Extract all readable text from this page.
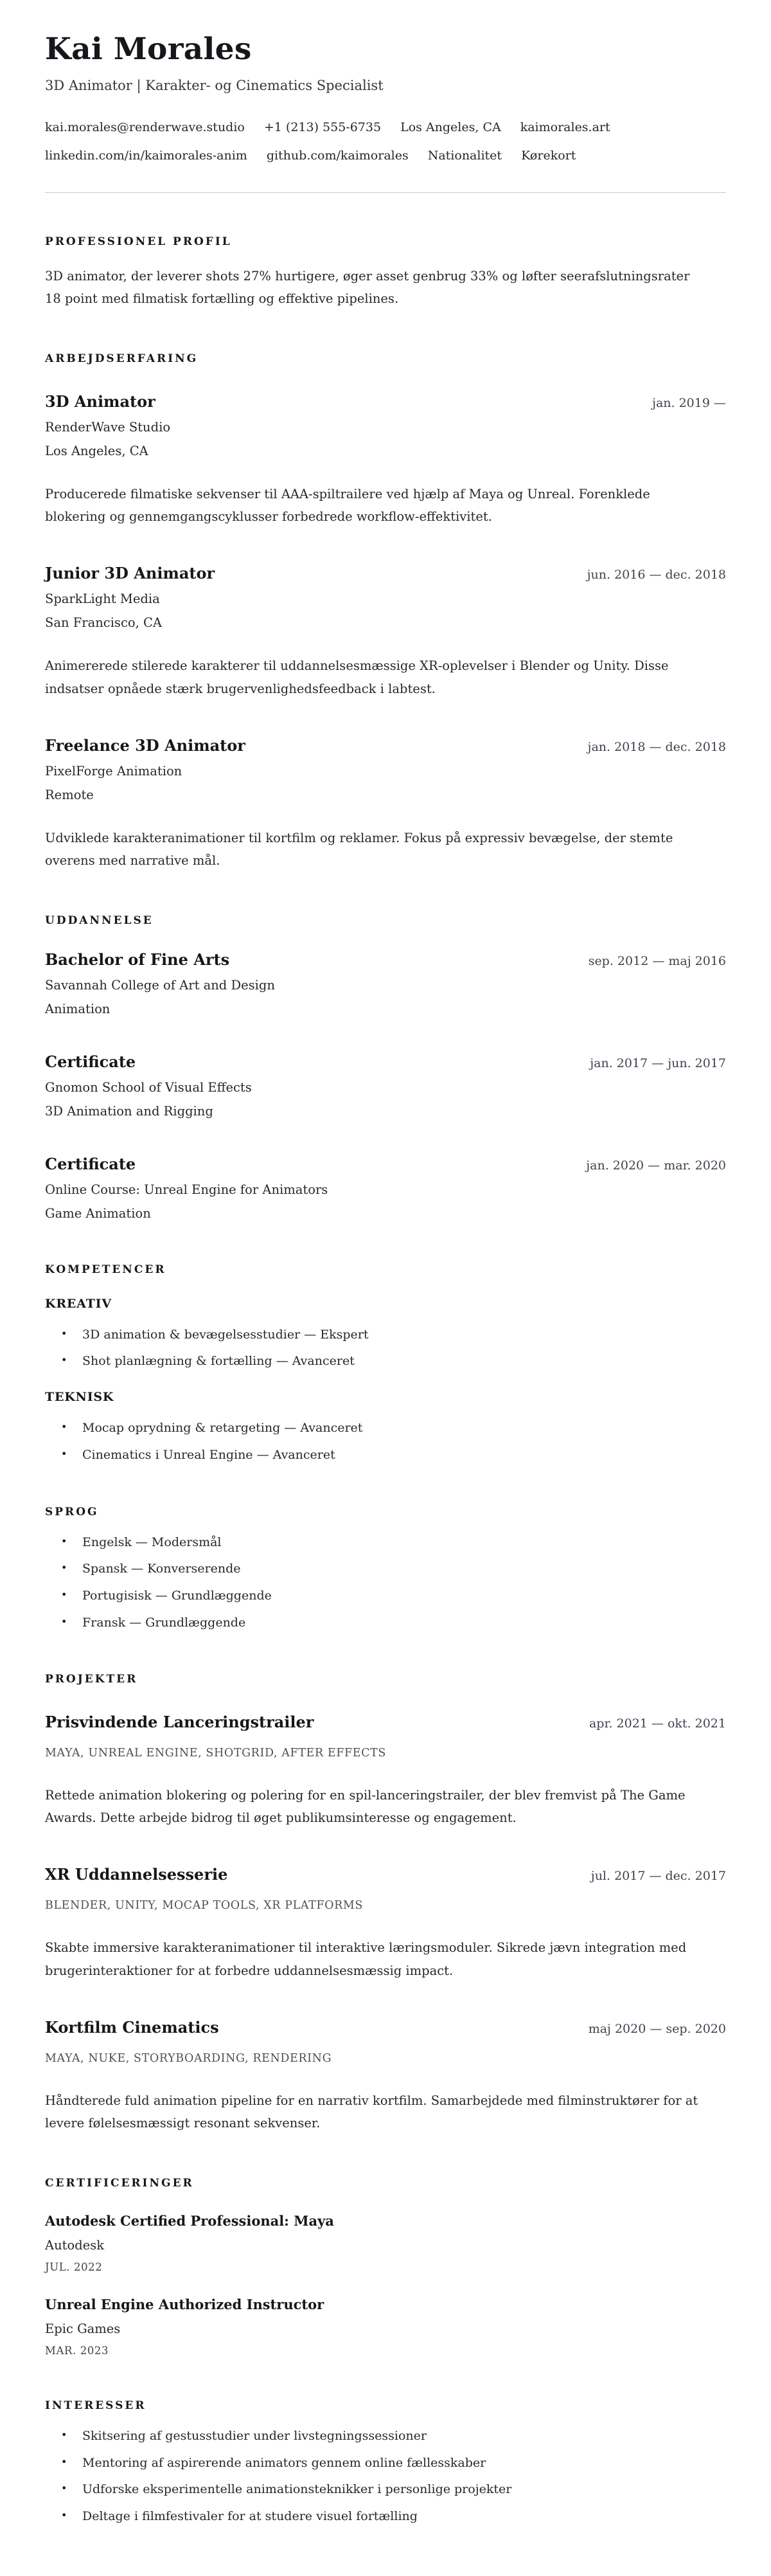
Kai Morales
3D Animator | Karakter- og Cinematics Specialist
kai.morales@renderwave.studio +1 (213) 555-6735 Los Angeles, CA kaimorales.art
linkedin.com/in/kaimorales-anim github.com/kaimorales Nationalitet Kørekort
PROFESSIONEL PROFIL

3D animator, der leverer shots 27% hurtigere, øger asset genbrug 33% og løfter seerafslutningsrater 18 point med filmatisk fortælling og effektive pipelines.

ARBEJDSERFARING
3D Animator	jan. 2019 —
RenderWave Studio
Los Angeles, CA

Producerede filmatiske sekvenser til AAA-spiltrailere ved hjælp af Maya og Unreal. Forenklede blokering og gennemgangscyklusser forbedrede workflow-effektivitet.

Junior 3D Animator	jun. 2016 — dec. 2018
SparkLight Media
San Francisco, CA

Animererede stilerede karakterer til uddannelsesmæssige XR-oplevelser i Blender og Unity. Disse indsatser opnåede stærk brugervenlighedsfeedback i labtest.

Freelance 3D Animator	jan. 2018 — dec. 2018
PixelForge Animation
Remote

Udviklede karakteranimationer til kortfilm og reklamer. Fokus på expressiv bevægelse, der stemte overens med narrative mål.

UDDANNELSE
Bachelor of Fine Arts	sep. 2012 — maj 2016
Savannah College of Art and Design
Animation
Certificate	jan. 2017 — jun. 2017
Gnomon School of Visual Effects
3D Animation and Rigging
Certificate	jan. 2020 — mar. 2020
Online Course: Unreal Engine for Animators
Game Animation
KOMPETENCER
KREATIV
• 3D animation & bevægelsesstudier — Ekspert
• Shot planlægning & fortælling — Avanceret
TEKNISK
• Mocap oprydning & retargeting — Avanceret
• Cinematics i Unreal Engine — Avanceret
SPROG
• Engelsk — Modersmål
• Spansk — Konverserende
• Portugisisk — Grundlæggende
• Fransk — Grundlæggende
PROJEKTER
Prisvindende Lanceringstrailer	apr. 2021 — okt. 2021
MAYA, UNREAL ENGINE, SHOTGRID, AFTER EFFECTS

Rettede animation blokering og polering for en spil-lanceringstrailer, der blev fremvist på The Game Awards. Dette arbejde bidrog til øget publikumsinteresse og engagement.

XR Uddannelsesserie	jul. 2017 — dec. 2017
BLENDER, UNITY, MOCAP TOOLS, XR PLATFORMS

Skabte immersive karakteranimationer til interaktive læringsmoduler. Sikrede jævn integration med brugerinteraktioner for at forbedre uddannelsesmæssig impact.

Kortfilm Cinematics	maj 2020 — sep. 2020
MAYA, NUKE, STORYBOARDING, RENDERING

Håndterede fuld animation pipeline for en narrativ kortfilm. Samarbejdede med filminstruktører for at levere følelsesmæssigt resonant sekvenser.

CERTIFICERINGER
Autodesk Certified Professional: Maya
Autodesk
JUL. 2022
Unreal Engine Authorized Instructor
Epic Games
MAR. 2023
INTERESSER
• Skitsering af gestusstudier under livstegningssessioner
• Mentoring af aspirerende animators gennem online fællesskaber
• Udforske eksperimentelle animationsteknikker i personlige projekter
• Deltage i filmfestivaler for at studere visuel fortælling
